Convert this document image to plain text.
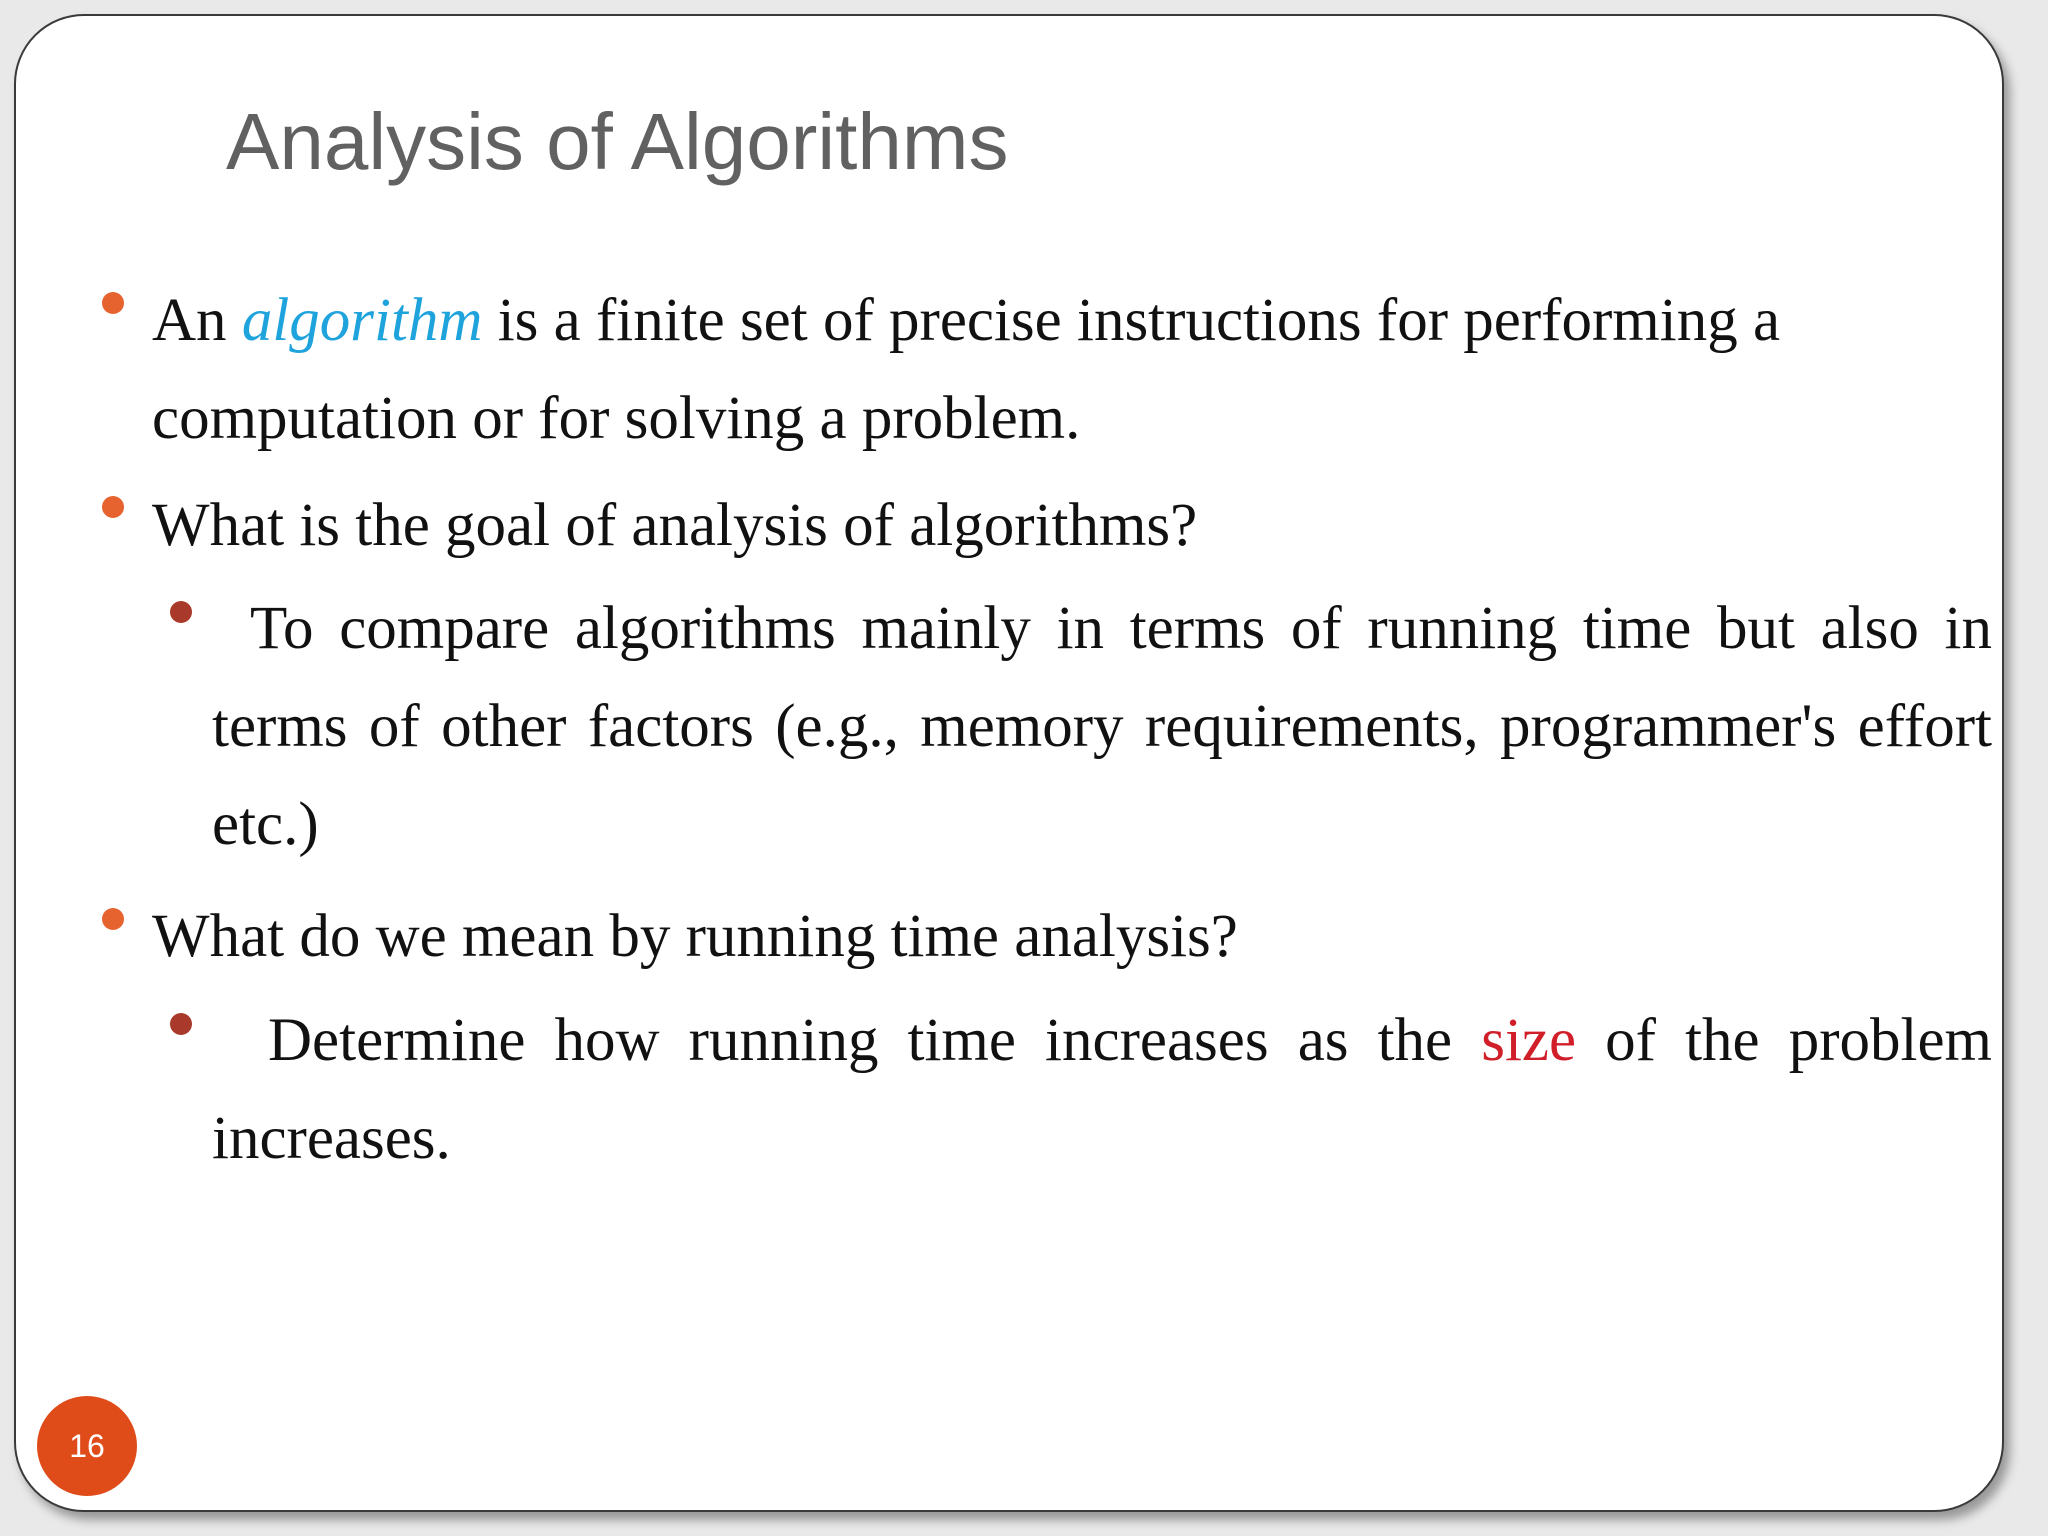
Analysis of Algorithms

An algorithm is a finite set of precise instructions for performing a computation or for solving a problem.

What is the goal of analysis of algorithms?

To compare algorithms mainly in terms of running time but also in terms of other factors (e.g., memory requirements, programmer's effort etc.)

What do we mean by running time analysis?

Determine how running time increases as the size of the problem increases.

16
